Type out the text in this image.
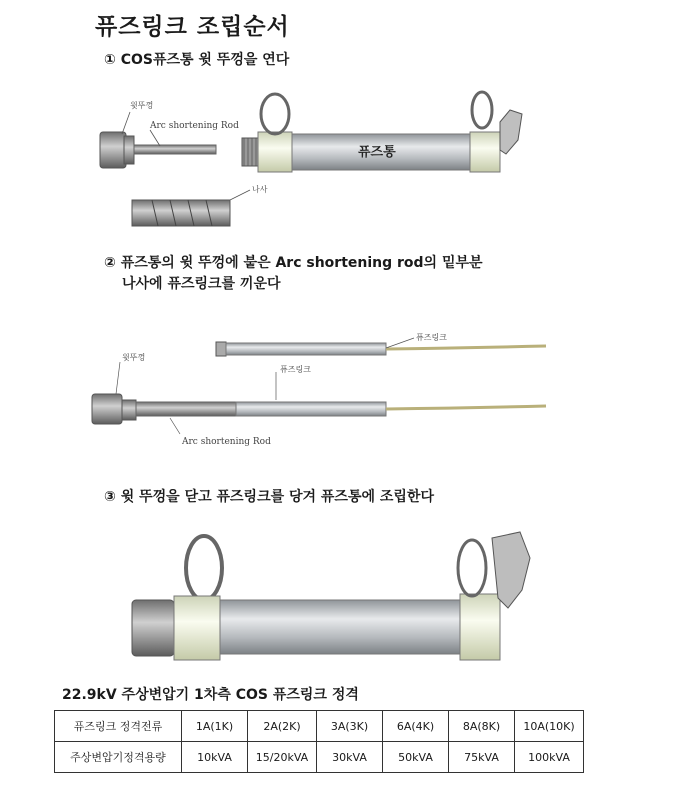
퓨즈링크 조립순서
① COS퓨즈통 윗 뚜껑을 연다
윗뚜껑
Arc shortening Rod
나사
퓨즈통
② 퓨즈통의 윗 뚜껑에 붙은 Arc shortening rod의 밑부분
나사에 퓨즈링크를 끼운다
퓨즈링크
윗뚜껑
퓨즈링크
Arc shortening Rod
③ 윗 뚜껑을 닫고 퓨즈링크를 당겨 퓨즈통에 조립한다
22.9kV 주상변압기 1차측 COS 퓨즈링크 정격
퓨즈링크 정격전류	1A(1K)	2A(2K)	3A(3K)	6A(4K)	8A(8K)	10A(10K)
주상변압기정격용량	10kVA	15/20kVA	30kVA	50kVA	75kVA	100kVA
